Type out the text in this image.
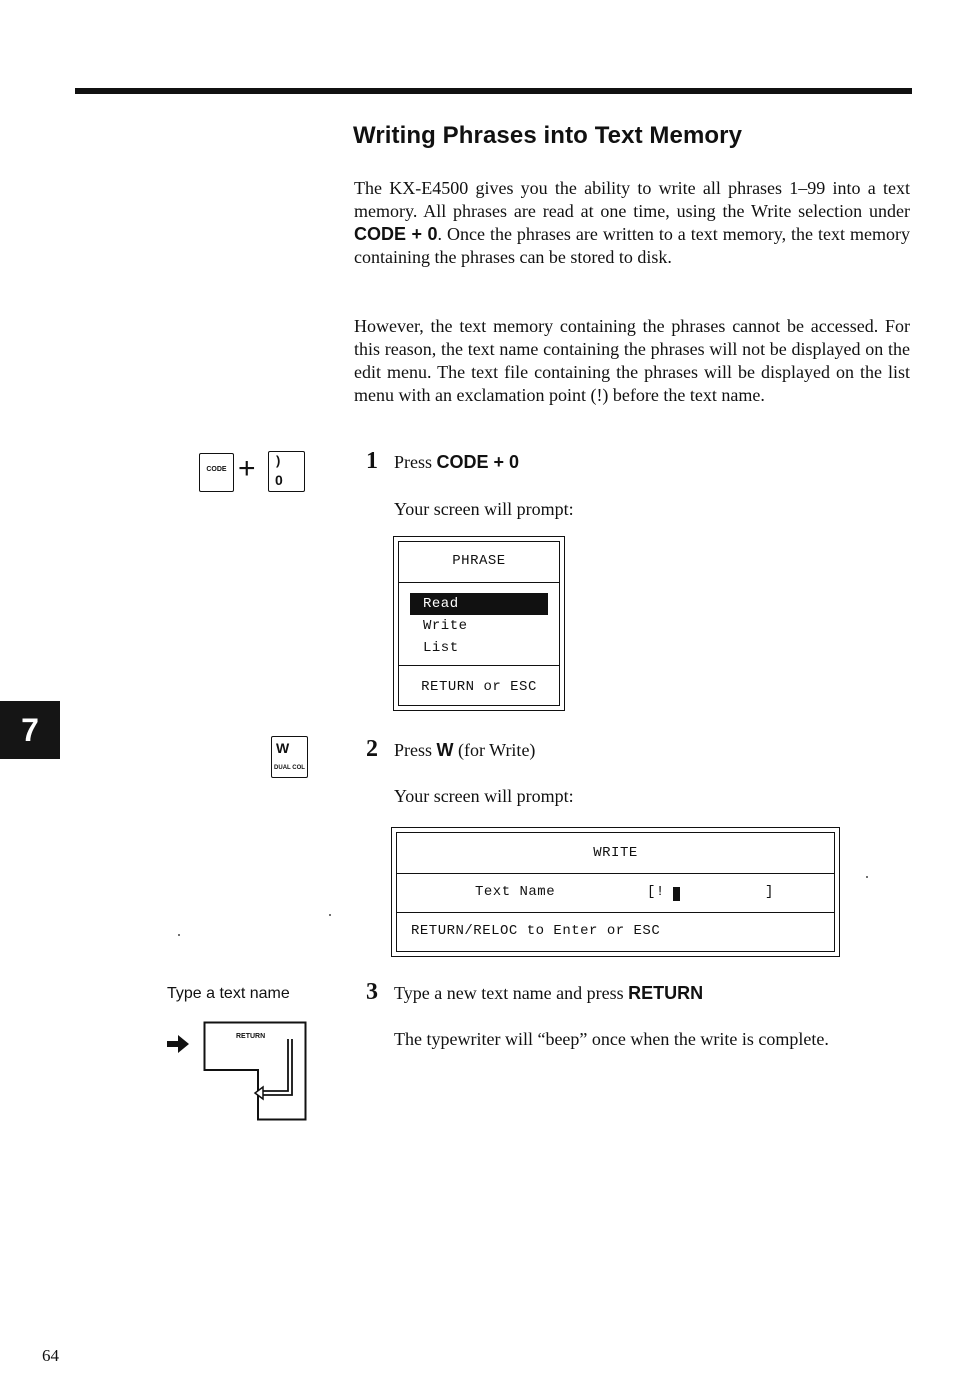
Writing Phrases into Text Memory

The KX-E4500 gives you the ability to write all phrases 1–99 into a text memory. All phrases are read at one time, using the Write selection under CODE + 0. Once the phrases are written to a text memory, the text memory containing the phrases can be stored to disk.

However, the text memory containing the phrases cannot be accessed. For this reason, the text name containing the phrases will not be displayed on the edit menu. The text file containing the phrases will be displayed on the list menu with an exclamation point (!) before the text name.

7
CODE + )
0
1 Press CODE + 0
Your screen will prompt:
PHRASE
Read
Write
List
RETURN or ESC
W
DUAL COL
2 Press W (for Write)
Your screen will prompt:
WRITE
Text Name	[!	]
RETURN/RELOC to Enter or ESC
Type a text name
RETURN
3 Type a new text name and press RETURN
The typewriter will “beep” once when the write is complete.
64
